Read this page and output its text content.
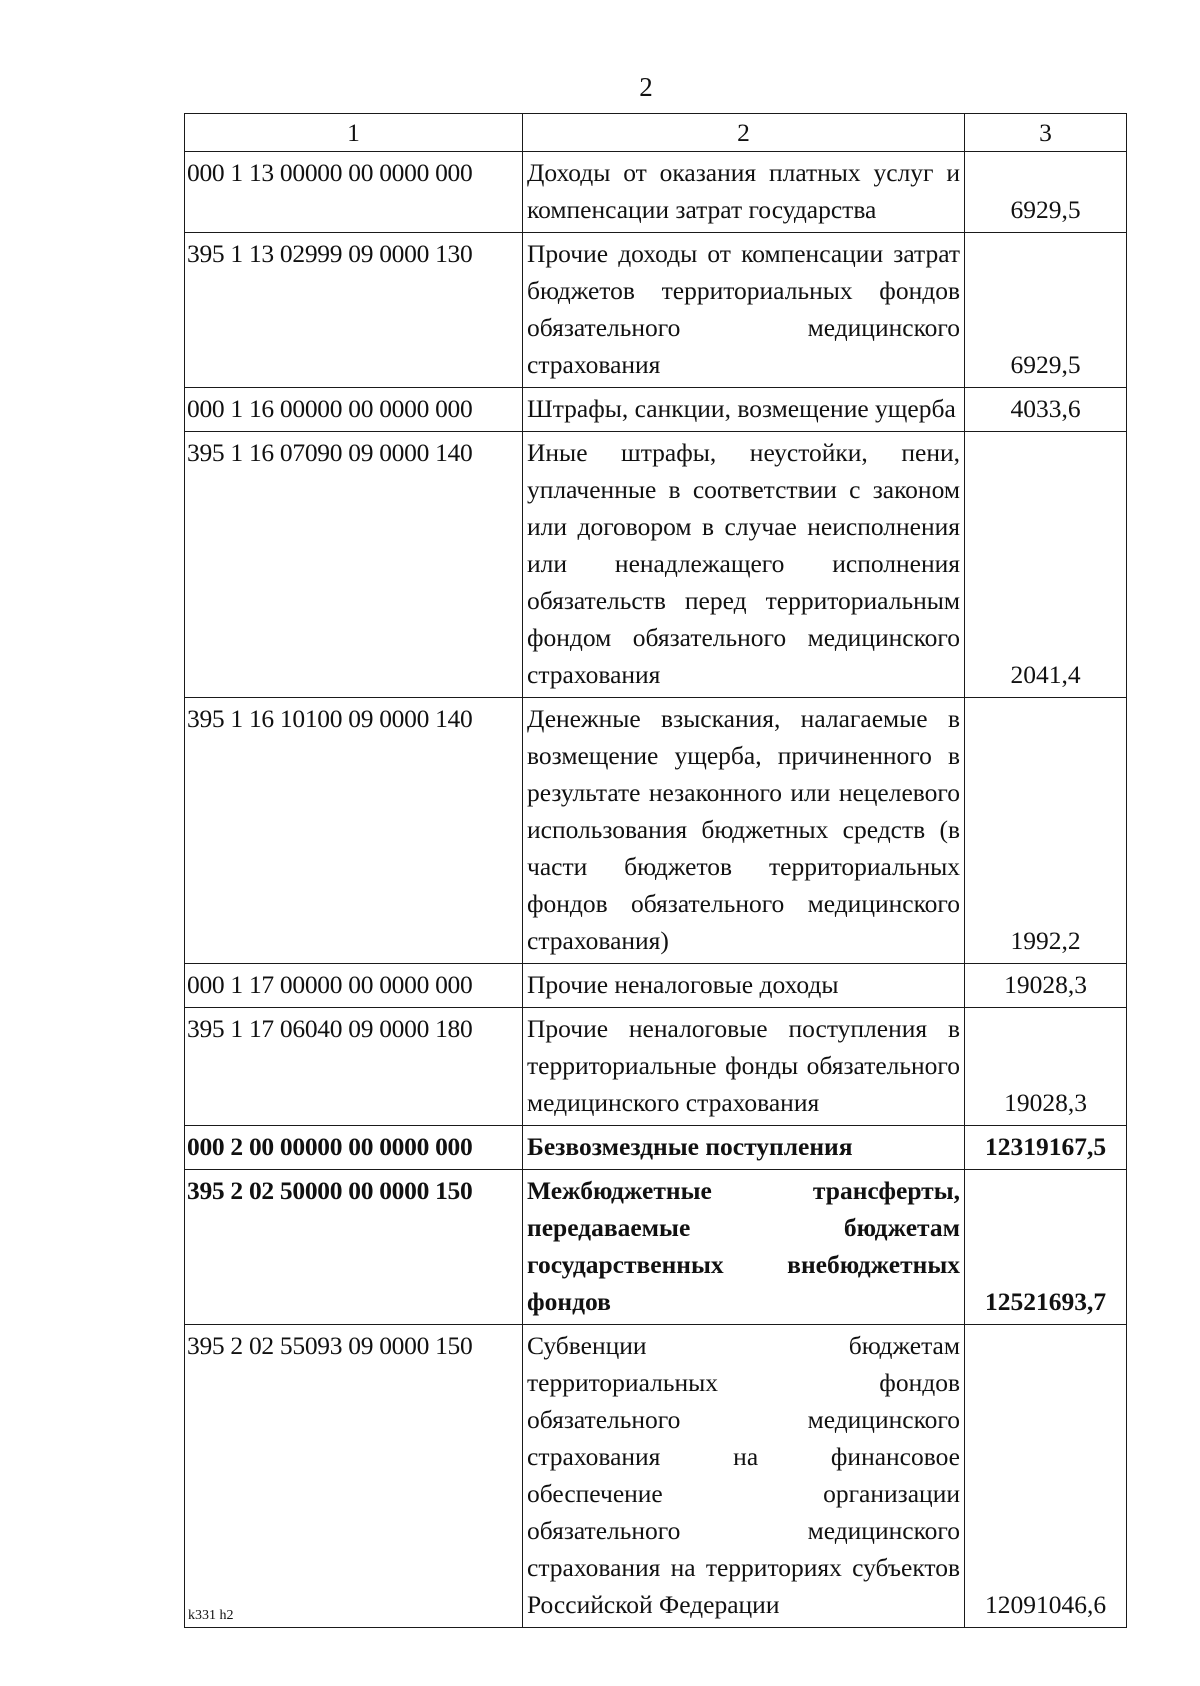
2
1	2	3
000 1 13 00000 00 0000 000	Доходы от оказания платных услуг и компенсации затрат государства	6929,5
395 1 13 02999 09 0000 130	Прочие доходы от компенсации затрат бюджетов территориальных фондов обязательного медицинского страхования	6929,5
000 1 16 00000 00 0000 000	Штрафы, санкции, возмещение ущерба	4033,6
395 1 16 07090 09 0000 140	Иные штрафы, неустойки, пени, уплаченные в соответствии с законом или договором в случае неисполнения или ненадлежащего исполнения обязательств перед территориальным фондом обязательного медицинского страхования	2041,4
395 1 16 10100 09 0000 140	Денежные взыскания, налагаемые в возмещение ущерба, причиненного в результате незаконного или нецелевого использования бюджетных средств (в части бюджетов территориальных фондов обязательного медицинского страхования)	1992,2
000 1 17 00000 00 0000 000	Прочие неналоговые доходы	19028,3
395 1 17 06040 09 0000 180	Прочие неналоговые поступления в территориальные фонды обязательного медицинского страхования	19028,3
000 2 00 00000 00 0000 000	Безвозмездные поступления	12319167,5
395 2 02 50000 00 0000 150	Межбюджетные трансферты, передаваемые бюджетам государственных внебюджетных фондов	12521693,7
395 2 02 55093 09 0000 150	Субвенции бюджетам территориальных фондов обязательного медицинского страхования на финансовое обеспечение организации обязательного медицинского страхования на территориях субъектов Российской Федерации	12091046,6
k331 h2
